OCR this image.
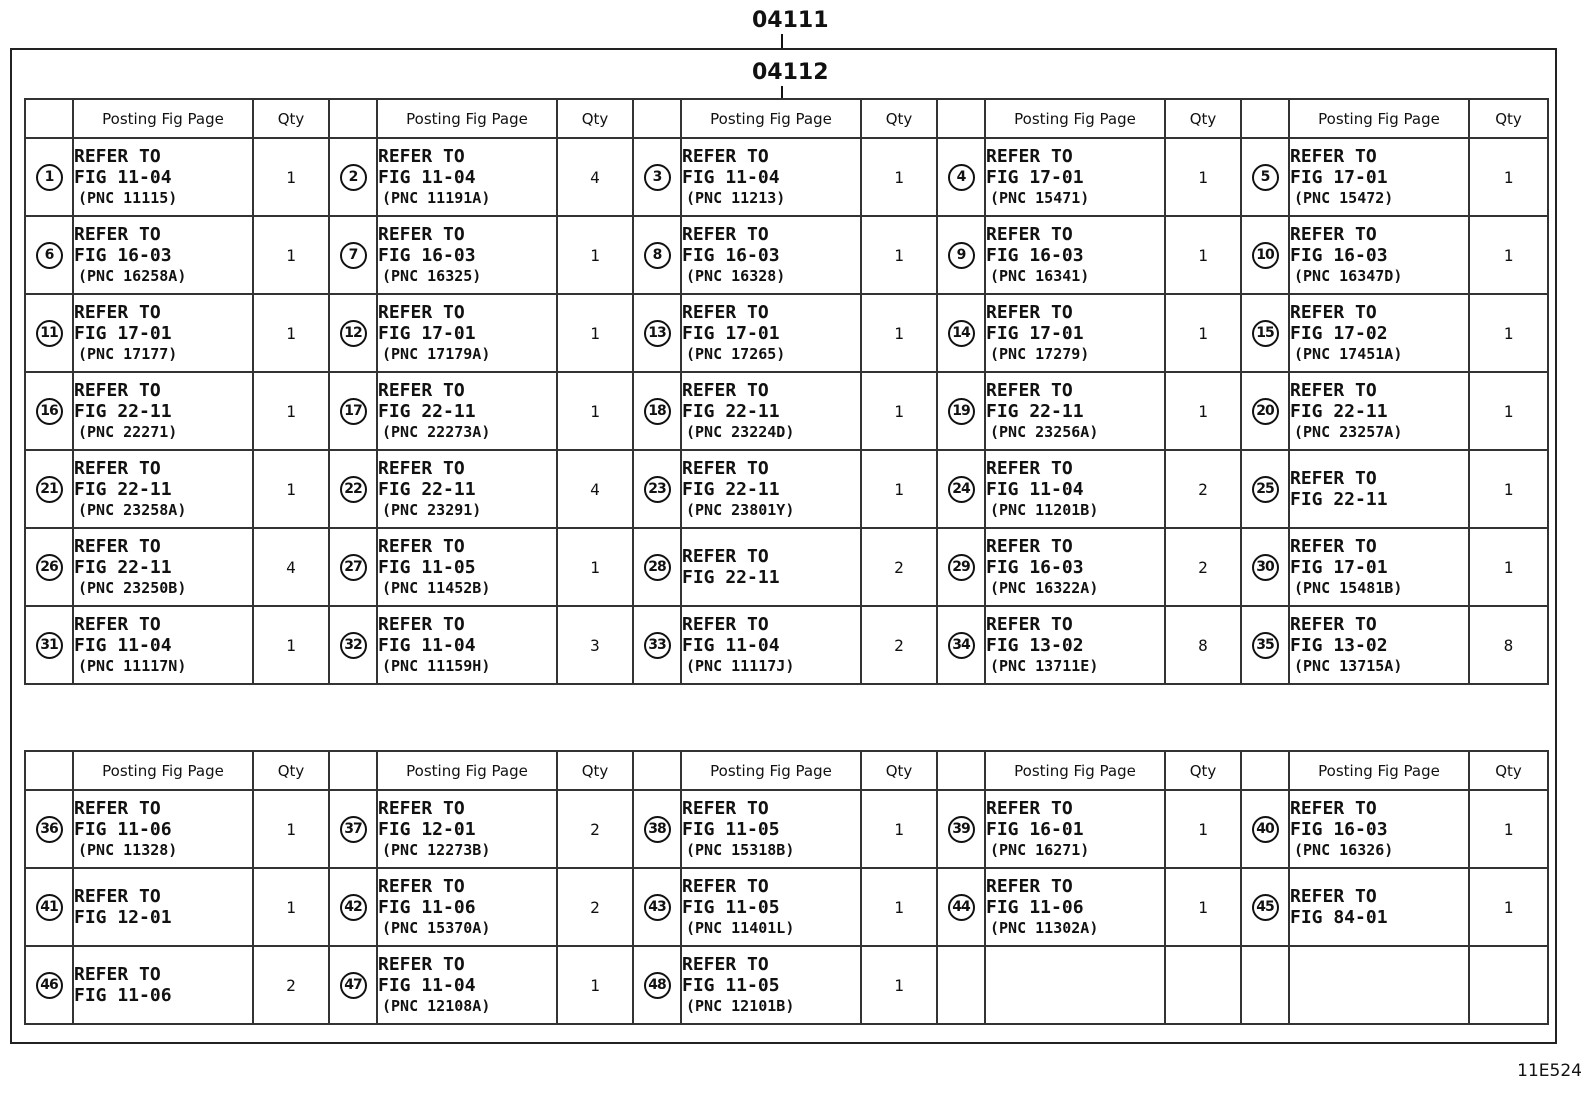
04111
04112
	Posting Fig Page	Qty		Posting Fig Page	Qty		Posting Fig Page	Qty		Posting Fig Page	Qty		Posting Fig Page	Qty
1	REFER TO
FIG 11-04
(PNC 11115)	1	2	REFER TO
FIG 11-04
(PNC 11191A)	4	3	REFER TO
FIG 11-04
(PNC 11213)	1	4	REFER TO
FIG 17-01
(PNC 15471)	1	5	REFER TO
FIG 17-01
(PNC 15472)	1
6	REFER TO
FIG 16-03
(PNC 16258A)	1	7	REFER TO
FIG 16-03
(PNC 16325)	1	8	REFER TO
FIG 16-03
(PNC 16328)	1	9	REFER TO
FIG 16-03
(PNC 16341)	1	10	REFER TO
FIG 16-03
(PNC 16347D)	1
11	REFER TO
FIG 17-01
(PNC 17177)	1	12	REFER TO
FIG 17-01
(PNC 17179A)	1	13	REFER TO
FIG 17-01
(PNC 17265)	1	14	REFER TO
FIG 17-01
(PNC 17279)	1	15	REFER TO
FIG 17-02
(PNC 17451A)	1
16	REFER TO
FIG 22-11
(PNC 22271)	1	17	REFER TO
FIG 22-11
(PNC 22273A)	1	18	REFER TO
FIG 22-11
(PNC 23224D)	1	19	REFER TO
FIG 22-11
(PNC 23256A)	1	20	REFER TO
FIG 22-11
(PNC 23257A)	1
21	REFER TO
FIG 22-11
(PNC 23258A)	1	22	REFER TO
FIG 22-11
(PNC 23291)	4	23	REFER TO
FIG 22-11
(PNC 23801Y)	1	24	REFER TO
FIG 11-04
(PNC 11201B)	2	25	REFER TO
FIG 22-11	1
26	REFER TO
FIG 22-11
(PNC 23250B)	4	27	REFER TO
FIG 11-05
(PNC 11452B)	1	28	REFER TO
FIG 22-11	2	29	REFER TO
FIG 16-03
(PNC 16322A)	2	30	REFER TO
FIG 17-01
(PNC 15481B)	1
31	REFER TO
FIG 11-04
(PNC 11117N)	1	32	REFER TO
FIG 11-04
(PNC 11159H)	3	33	REFER TO
FIG 11-04
(PNC 11117J)	2	34	REFER TO
FIG 13-02
(PNC 13711E)	8	35	REFER TO
FIG 13-02
(PNC 13715A)	8
	Posting Fig Page	Qty		Posting Fig Page	Qty		Posting Fig Page	Qty		Posting Fig Page	Qty		Posting Fig Page	Qty
36	REFER TO
FIG 11-06
(PNC 11328)	1	37	REFER TO
FIG 12-01
(PNC 12273B)	2	38	REFER TO
FIG 11-05
(PNC 15318B)	1	39	REFER TO
FIG 16-01
(PNC 16271)	1	40	REFER TO
FIG 16-03
(PNC 16326)	1
41	REFER TO
FIG 12-01	1	42	REFER TO
FIG 11-06
(PNC 15370A)	2	43	REFER TO
FIG 11-05
(PNC 11401L)	1	44	REFER TO
FIG 11-06
(PNC 11302A)	1	45	REFER TO
FIG 84-01	1
46	REFER TO
FIG 11-06	2	47	REFER TO
FIG 11-04
(PNC 12108A)	1	48	REFER TO
FIG 11-05
(PNC 12101B)	1						
11E524
